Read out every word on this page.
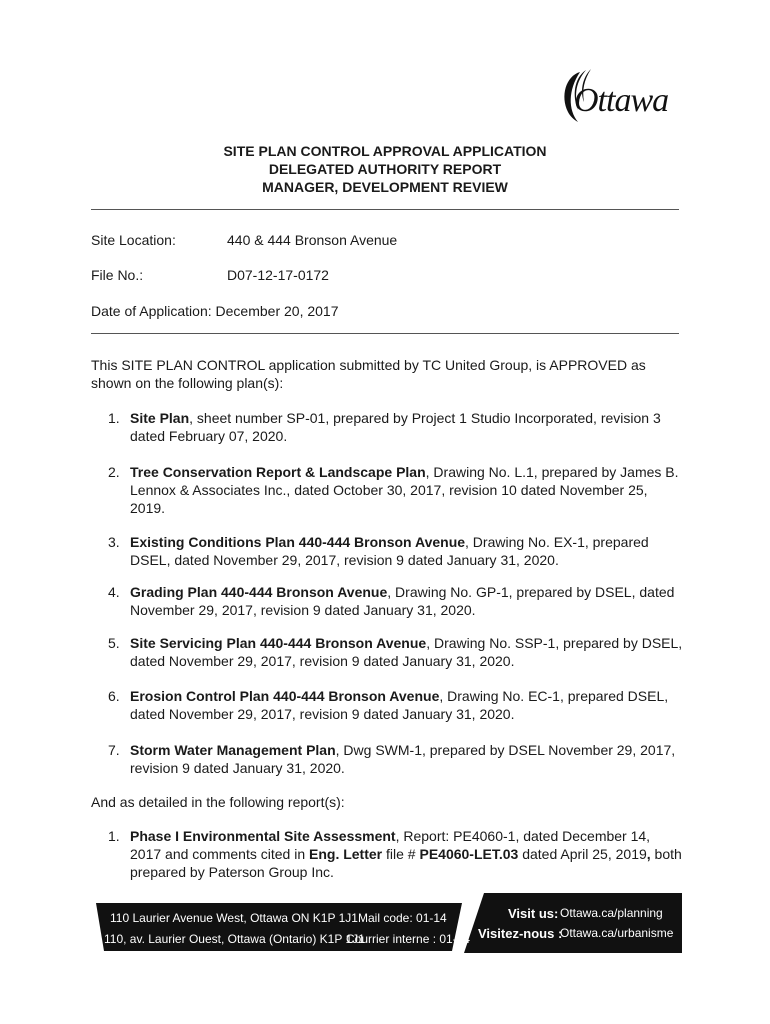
Ottawa
SITE PLAN CONTROL APPROVAL APPLICATION
DELEGATED AUTHORITY REPORT
MANAGER, DEVELOPMENT REVIEW
Site Location:	440 & 444 Bronson Avenue
File No.:	D07-12-17-0172
Date of Application: December 20, 2017
This SITE PLAN CONTROL application submitted by TC United Group, is APPROVED as shown on the following plan(s):
1. Site Plan, sheet number SP-01, prepared by Project 1 Studio Incorporated, revision 3 dated February 07, 2020.
2. Tree Conservation Report & Landscape Plan, Drawing No. L.1, prepared by James B. Lennox & Associates Inc., dated October 30, 2017, revision 10 dated November 25, 2019.
3. Existing Conditions Plan 440-444 Bronson Avenue, Drawing No. EX-1, prepared DSEL, dated November 29, 2017, revision 9 dated January 31, 2020.
4. Grading Plan 440-444 Bronson Avenue, Drawing No. GP-1, prepared by DSEL, dated November 29, 2017, revision 9 dated January 31, 2020.
5. Site Servicing Plan 440-444 Bronson Avenue, Drawing No. SSP-1, prepared by DSEL, dated November 29, 2017, revision 9 dated January 31, 2020.
6. Erosion Control Plan 440-444 Bronson Avenue, Drawing No. EC-1, prepared DSEL, dated November 29, 2017, revision 9 dated January 31, 2020.
7. Storm Water Management Plan, Dwg SWM-1, prepared by DSEL November 29, 2017, revision 9 dated January 31, 2020.
And as detailed in the following report(s):
1. Phase I Environmental Site Assessment, Report: PE4060-1, dated December 14, 2017 and comments cited in Eng. Letter file # PE4060-LET.03 dated April 25, 2019, both prepared by Paterson Group Inc.
110 Laurier Avenue West, Ottawa ON K1P 1J1 Mail code: 01-14
110, av. Laurier Ouest, Ottawa (Ontario) K1P 1J1
Courrier interne : 01-14
Visit us: Ottawa.ca/planning
Visitez-nous :
Ottawa.ca/urbanisme
